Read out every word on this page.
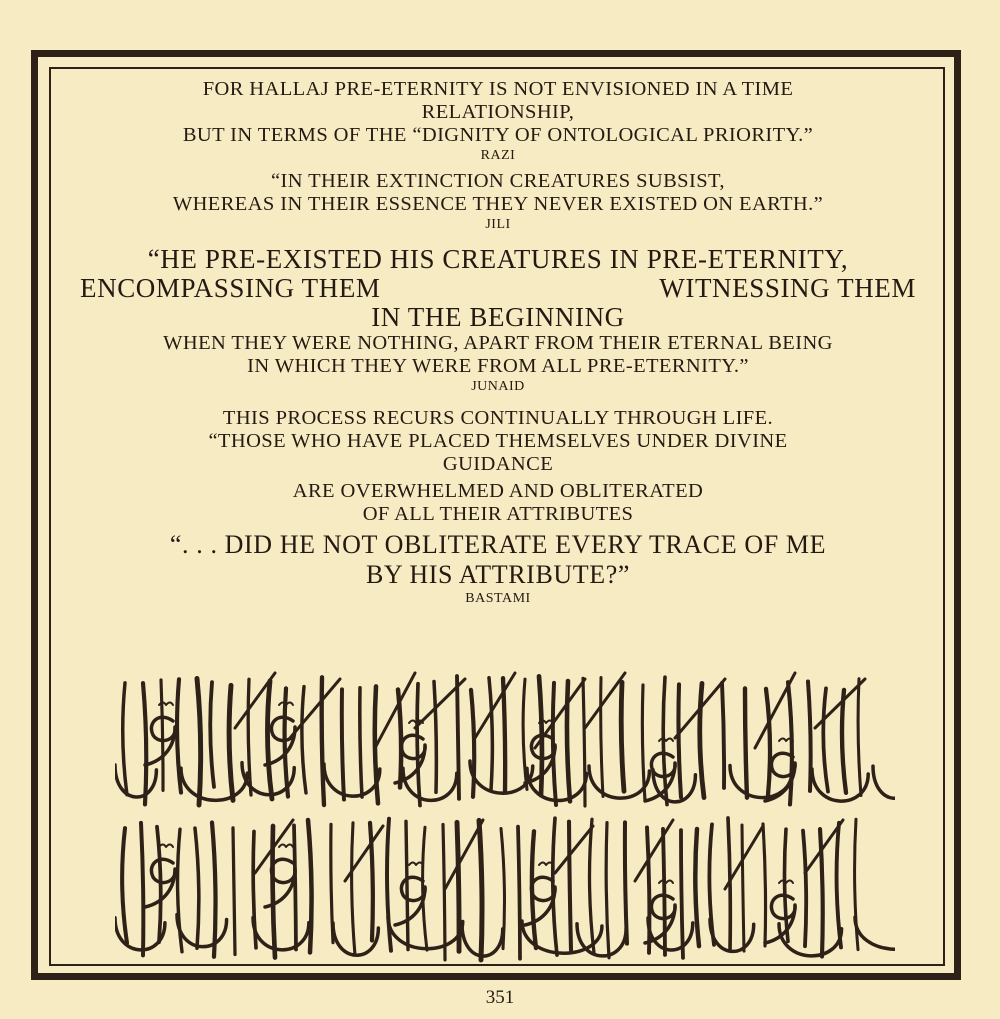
FOR HALLAJ PRE-ETERNITY IS NOT ENVISIONED IN A TIME
RELATIONSHIP,
BUT IN TERMS OF THE “DIGNITY OF ONTOLOGICAL PRIORITY.”
RAZI
“IN THEIR EXTINCTION CREATURES SUBSIST,
WHEREAS IN THEIR ESSENCE THEY NEVER EXISTED ON EARTH.”
JILI
“HE PRE-EXISTED HIS CREATURES IN PRE-ETERNITY,
ENCOMPASSING THEM	WITNESSING THEM
IN THE BEGINNING
WHEN THEY WERE NOTHING, APART FROM THEIR ETERNAL BEING
IN WHICH THEY WERE FROM ALL PRE-ETERNITY.”
JUNAID
THIS PROCESS RECURS CONTINUALLY THROUGH LIFE.
“THOSE WHO HAVE PLACED THEMSELVES UNDER DIVINE
GUIDANCE
ARE OVERWHELMED AND OBLITERATED
OF ALL THEIR ATTRIBUTES
“. . . DID HE NOT OBLITERATE EVERY TRACE OF ME
BY HIS ATTRIBUTE?”
BASTAMI
351
